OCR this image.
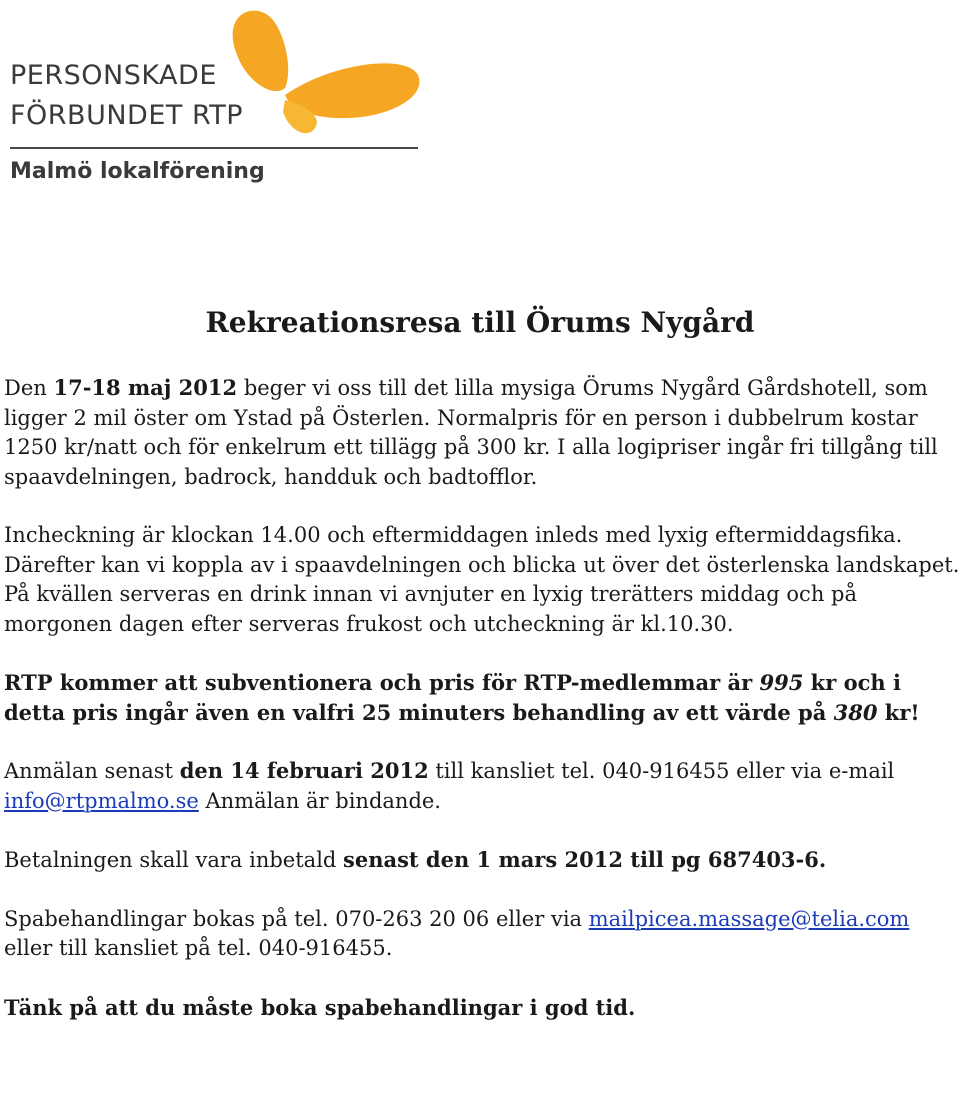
PERSONSKADE
FÖRBUNDET RTP
Malmö lokalförening
Rekreationsresa till Örums Nygård

Den 17-18 maj 2012 beger vi oss till det lilla mysiga Örums Nygård Gårdshotell, som ligger 2 mil öster om Ystad på Österlen. Normalpris för en person i dubbelrum kostar 1250 kr/natt och för enkelrum ett tillägg på 300 kr. I alla logipriser ingår fri tillgång till spaavdelningen, badrock, handduk och badtofflor.

Incheckning är klockan 14.00 och eftermiddagen inleds med lyxig eftermiddagsfika. Därefter kan vi koppla av i spaavdelningen och blicka ut över det österlenska landskapet. På kvällen serveras en drink innan vi avnjuter en lyxig trerätters middag och på morgonen dagen efter serveras frukost och utcheckning är kl.10.30.

RTP kommer att subventionera och pris för RTP-medlemmar är 995 kr och i detta pris ingår även en valfri 25 minuters behandling av ett värde på 380 kr!

Anmälan senast den 14 februari 2012 till kansliet tel. 040-916455 eller via e-mail info@rtpmalmo.se Anmälan är bindande.

Betalningen skall vara inbetald senast den 1 mars 2012 till pg 687403-6.

Spabehandlingar bokas på tel. 070-263 20 06 eller via mailpicea.massage@telia.com eller till kansliet på tel. 040-916455.

Tänk på att du måste boka spabehandlingar i god tid.
